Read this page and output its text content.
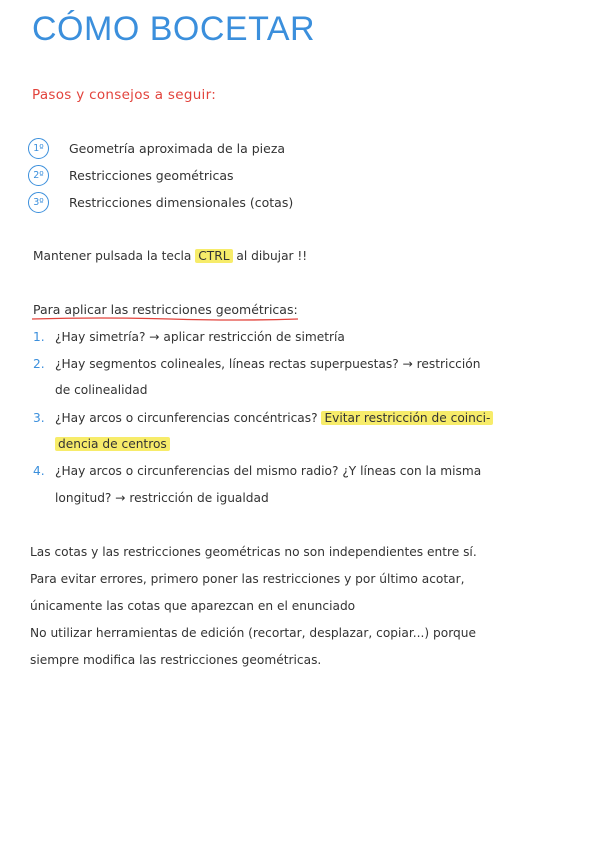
CÓMO BOCETAR
Pasos y consejos a seguir:
1º	Geometría aproximada de la pieza
2º	Restricciones geométricas
3º	Restricciones dimensionales (cotas)
Mantener pulsada la tecla CTRL al dibujar !!
Para aplicar las restricciones geométricas:
1. ¿Hay simetría? → aplicar restricción de simetría
2. ¿Hay segmentos colineales, líneas rectas superpuestas? → restricción
de colinealidad
3. ¿Hay arcos o circunferencias concéntricas? Evitar restricción de coinci-
dencia de centros
4. ¿Hay arcos o circunferencias del mismo radio? ¿Y líneas con la misma
longitud? → restricción de igualdad
Las cotas y las restricciones geométricas no son independientes entre sí.
Para evitar errores, primero poner las restricciones y por último acotar,
únicamente las cotas que aparezcan en el enunciado
No utilizar herramientas de edición (recortar, desplazar, copiar...) porque
siempre modifica las restricciones geométricas.
